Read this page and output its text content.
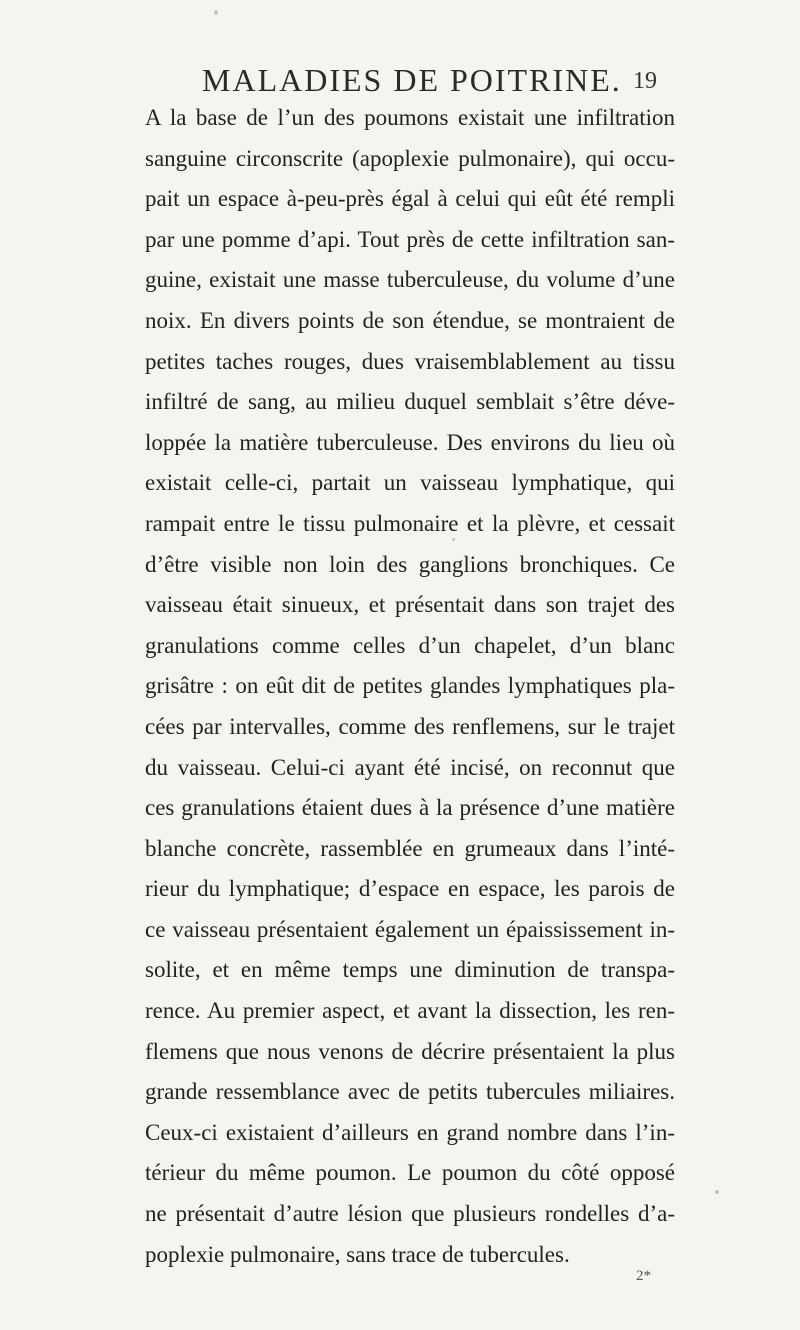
MALADIES DE POITRINE. 19
A la base de l’un des poumons existait une infiltration
sanguine circonscrite (apoplexie pulmonaire), qui occu-
pait un espace à-peu-près égal à celui qui eût été rempli
par une pomme d’api. Tout près de cette infiltration san-
guine, existait une masse tuberculeuse, du volume d’une
noix. En divers points de son étendue, se montraient de
petites taches rouges, dues vraisemblablement au tissu
infiltré de sang, au milieu duquel semblait s’être déve-
loppée la matière tuberculeuse. Des environs du lieu où
existait celle-ci, partait un vaisseau lymphatique, qui
rampait entre le tissu pulmonaire et la plèvre, et cessait
d’être visible non loin des ganglions bronchiques. Ce
vaisseau était sinueux, et présentait dans son trajet des
granulations comme celles d’un chapelet, d’un blanc
grisâtre : on eût dit de petites glandes lymphatiques pla-
cées par intervalles, comme des renflemens, sur le trajet
du vaisseau. Celui-ci ayant été incisé, on reconnut que
ces granulations étaient dues à la présence d’une matière
blanche concrète, rassemblée en grumeaux dans l’inté-
rieur du lymphatique; d’espace en espace, les parois de
ce vaisseau présentaient également un épaississement in-
solite, et en même temps une diminution de transpa-
rence. Au premier aspect, et avant la dissection, les ren-
flemens que nous venons de décrire présentaient la plus
grande ressemblance avec de petits tubercules miliaires.
Ceux-ci existaient d’ailleurs en grand nombre dans l’in-
térieur du même poumon. Le poumon du côté opposé
ne présentait d’autre lésion que plusieurs rondelles d’a-
poplexie pulmonaire, sans trace de tubercules.
2*
